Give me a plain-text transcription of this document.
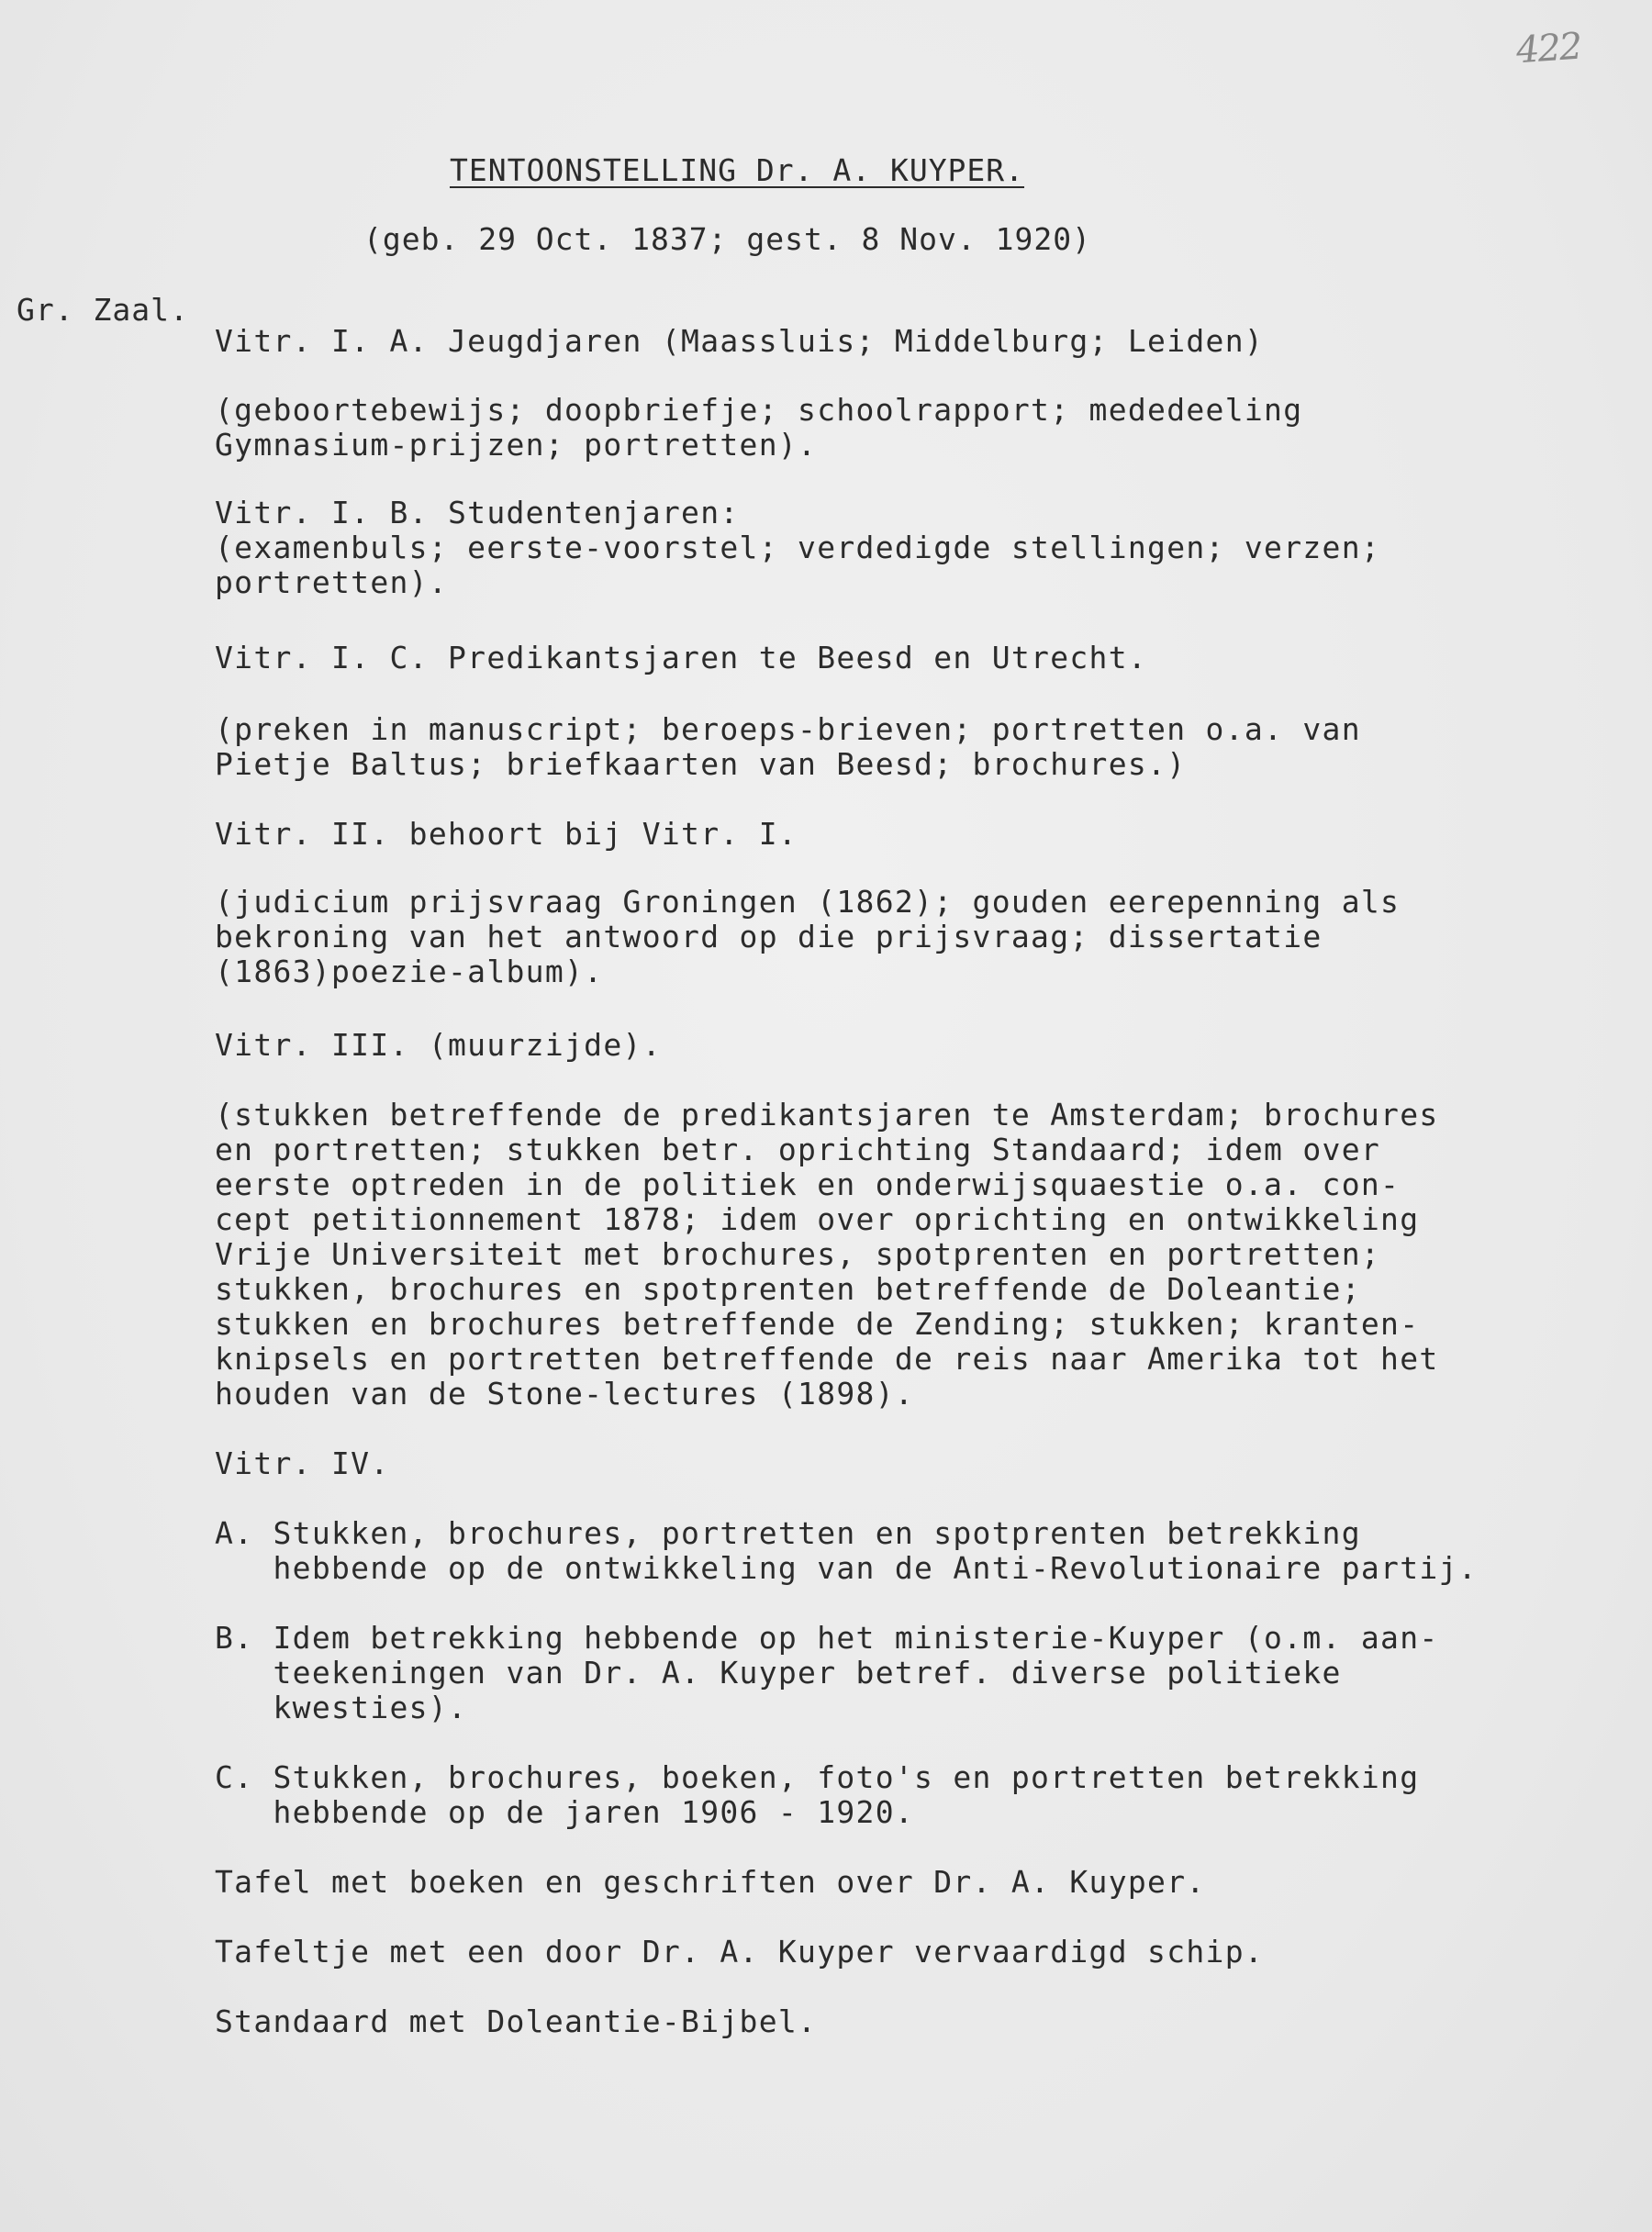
422
TENTOONSTELLING Dr. A. KUYPER.
(geb. 29 Oct. 1837; gest. 8 Nov. 1920)
Gr. Zaal.
Vitr. I. A. Jeugdjaren (Maassluis; Middelburg; Leiden)
(geboortebewijs; doopbriefje; schoolrapport; mededeeling
Gymnasium-prijzen; portretten).
Vitr. I. B. Studentenjaren:
(examenbuls; eerste-voorstel; verdedigde stellingen; verzen;
portretten).
Vitr. I. C. Predikantsjaren te Beesd en Utrecht.
(preken in manuscript; beroeps-brieven; portretten o.a. van
Pietje Baltus; briefkaarten van Beesd; brochures.)
Vitr. II. behoort bij Vitr. I.
(judicium prijsvraag Groningen (1862); gouden eerepenning als
bekroning van het antwoord op die prijsvraag; dissertatie
(1863)poezie-album).
Vitr. III. (muurzijde).
(stukken betreffende de predikantsjaren te Amsterdam; brochures
en portretten; stukken betr. oprichting Standaard; idem over
eerste optreden in de politiek en onderwijsquaestie o.a. con-
cept petitionnement 1878; idem over oprichting en ontwikkeling
Vrije Universiteit met brochures, spotprenten en portretten;
stukken, brochures en spotprenten betreffende de Doleantie;
stukken en brochures betreffende de Zending; stukken; kranten-
knipsels en portretten betreffende de reis naar Amerika tot het
houden van de Stone-lectures (1898).
Vitr. IV.
A. Stukken, brochures, portretten en spotprenten betrekking
hebbende op de ontwikkeling van de Anti-Revolutionaire partij.
B. Idem betrekking hebbende op het ministerie-Kuyper (o.m. aan-
teekeningen van Dr. A. Kuyper betref. diverse politieke
kwesties).
C. Stukken, brochures, boeken, foto's en portretten betrekking
hebbende op de jaren 1906 - 1920.
Tafel met boeken en geschriften over Dr. A. Kuyper.
Tafeltje met een door Dr. A. Kuyper vervaardigd schip.
Standaard met Doleantie-Bijbel.
